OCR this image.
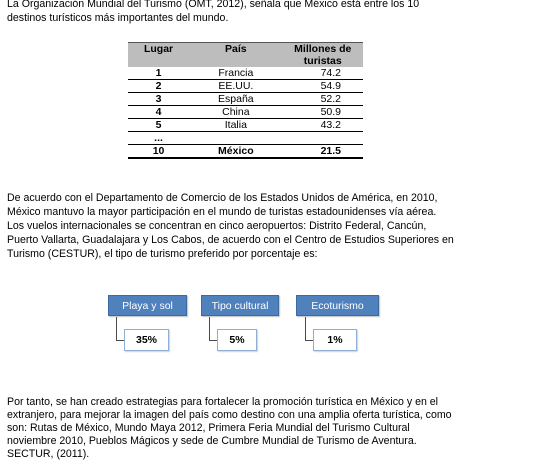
La Organización Mundial del Turismo (OMT, 2012), señala que México está entre los 10
destinos turísticos más importantes del mundo.

Lugar	País	Millones de turistas
1	Francia	74.2
2	EE.UU.	54.9
3	España	52.2
4	China	50.9
5	Italia	43.2
...		
10	México	21.5

De acuerdo con el Departamento de Comercio de los Estados Unidos de América, en 2010,
México mantuvo la mayor participación en el mundo de turistas estadounidenses vía aérea.
Los vuelos internacionales se concentran en cinco aeropuertos: Distrito Federal, Cancún,
Puerto Vallarta, Guadalajara y Los Cabos, de acuerdo con el Centro de Estudios Superiores en
Turismo (CESTUR), el tipo de turismo preferido por porcentaje es:

Playa y sol	Tipo cultural	Ecoturismo
35%	5%	1%

Por tanto, se han creado estrategias para fortalecer la promoción turística en México y en el
extranjero, para mejorar la imagen del país como destino con una amplia oferta turística, como
son: Rutas de México, Mundo Maya 2012, Primera Feria Mundial del Turismo Cultural
noviembre 2010, Pueblos Mágicos y sede de Cumbre Mundial de Turismo de Aventura.
SECTUR, (2011).
